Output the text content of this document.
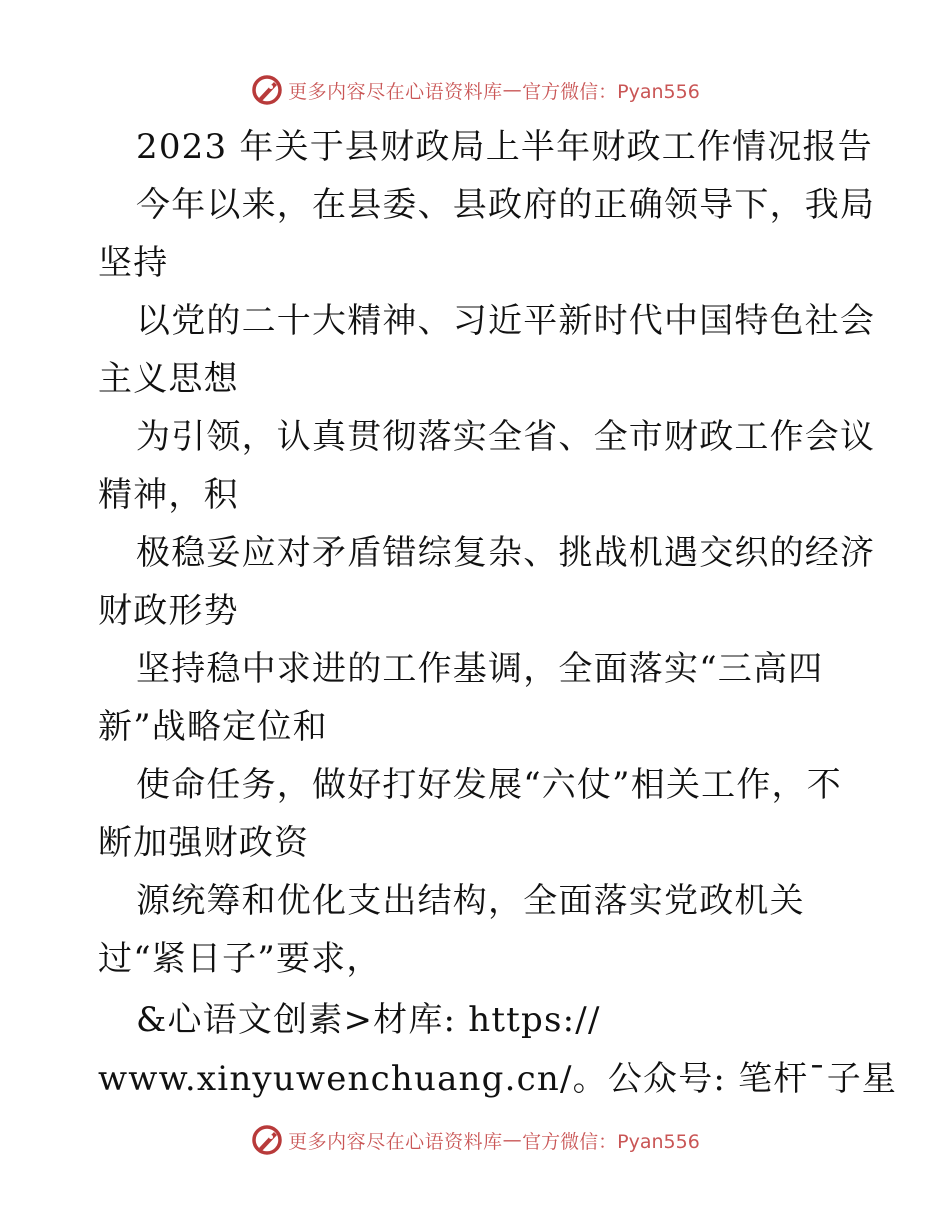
更多内容尽在心语资料库 — 官方微信：Pyan556
2023 年关于县财政局上半年财政工作情况报告
今年以来，在县委、县政府的正确领导下，我局
坚持
以党的二十大精神、习近平新时代中国特色社会
主义思想
为引领，认真贯彻落实全省、全市财政工作会议
精神，积
极稳妥应对矛盾错综复杂、挑战机遇交织的经济
财政形势
坚持稳中求进的工作基调，全面落实“三高四
新”战略定位和
使命任务，做好打好发展“六仗”相关工作，不
断加强财政资
源统筹和优化支出结构，全面落实党政机关
过“紧日子”要求，
&心语文创素>材库: https://
www.xinyuwenchuang.cn/。公众号: 笔杆¯子星
更多内容尽在心语资料库 — 官方微信：Pyan556
